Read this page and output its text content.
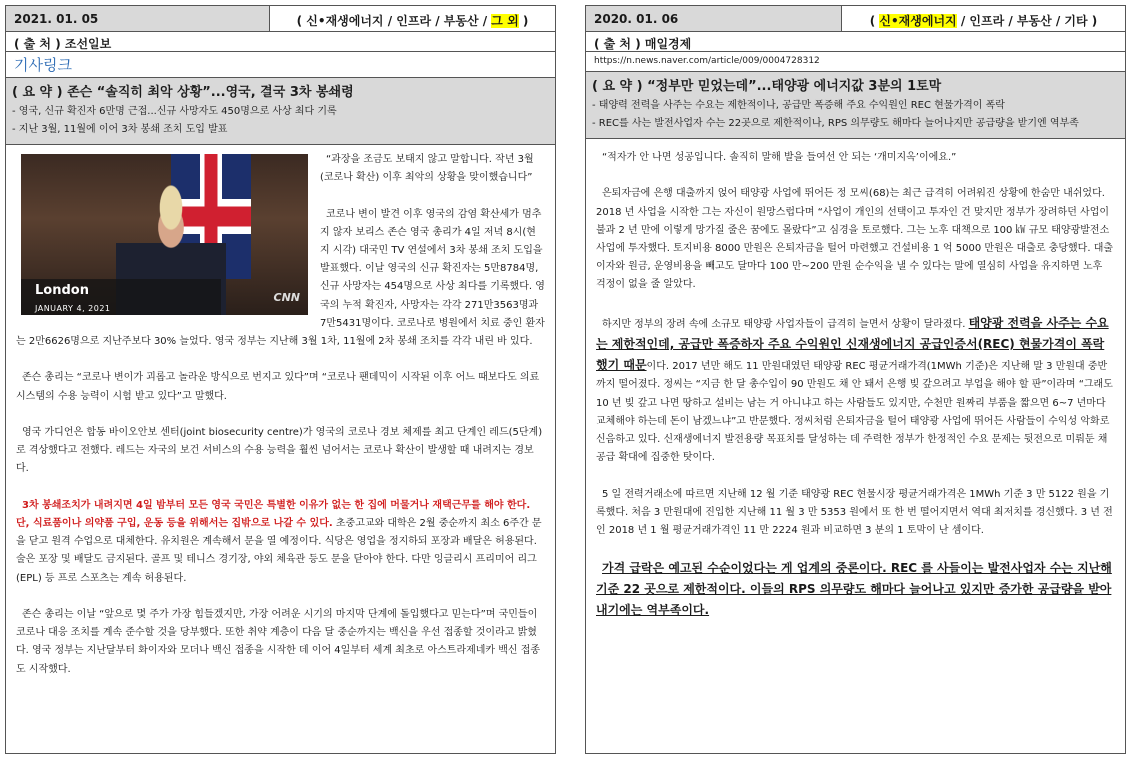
2021. 01. 05	( 신•재생에너지 / 인프라 / 부동산 / 그 외 )
( 출 처 ) 조선일보
기사링크
( 요 약 ) 존슨 “솔직히 최악 상황”...영국, 결국 3차 봉쇄령
- 영국, 신규 확진자 6만명 근접...신규 사망자도 450명으로 사상 최다 기록
- 지난 3월, 11월에 이어 3차 봉쇄 조치 도입 발표
London
JANUARY 4, 2021
CNN

“과장을 조금도 보태지 않고 말합니다. 작년 3월(코로나 확산) 이후 최악의 상황을 맞이했습니다”

코로나 변이 발견 이후 영국의 감염 확산세가 멈추지 않자 보리스 존슨 영국 총리가 4일 저녁 8시(현지 시각) 대국민 TV 연설에서 3차 봉쇄 조치 도입을 발표했다. 이날 영국의 신규 확진자는 5만8784명, 신규 사망자는 454명으로 사상 최다를 기록했다. 영국의 누적 확진자, 사망자는 각각 271만3563명과 7만5431명이다. 코로나로 병원에서 치료 중인 환자는 2만6626명으로 지난주보다 30% 늘었다. 영국 정부는 지난해 3월 1차, 11월에 2차 봉쇄 조치를 각각 내린 바 있다.

존슨 총리는 “코로나 변이가 괴롭고 놀라운 방식으로 번지고 있다”며 “코로나 팬데믹이 시작된 이후 어느 때보다도 의료 시스템의 수용 능력이 시험 받고 있다”고 말했다.

영국 가디언은 합동 바이오안보 센터(joint biosecurity centre)가 영국의 코로나 경보 체제를 최고 단계인 레드(5단계)로 격상했다고 전했다. 레드는 자국의 보건 서비스의 수용 능력을 훨씬 넘어서는 코로나 확산이 발생할 때 내려지는 경보다.

3차 봉쇄조치가 내려지면 4일 밤부터 모든 영국 국민은 특별한 이유가 없는 한 집에 머물거나 재택근무를 해야 한다. 단, 식료품이나 의약품 구입, 운동 등을 위해서는 집밖으로 나갈 수 있다. 초중고교와 대학은 2월 중순까지 최소 6주간 문을 닫고 원격 수업으로 대체한다. 유치원은 계속해서 문을 열 예정이다. 식당은 영업을 정지하되 포장과 배달은 허용된다. 술은 포장 및 배달도 금지된다. 골프 및 테니스 경기장, 야외 체육관 등도 문을 닫아야 한다. 다만 잉글리시 프리미어 리그(EPL) 등 프로 스포츠는 계속 허용된다.

존슨 총리는 이날 “앞으로 몇 주가 가장 힘들겠지만, 가장 어려운 시기의 마지막 단계에 돌입했다고 믿는다”며 국민들이 코로나 대응 조치를 계속 준수할 것을 당부했다. 또한 취약 계층이 다음 달 중순까지는 백신을 우선 접종할 것이라고 밝혔다. 영국 정부는 지난달부터 화이자와 모더나 백신 접종을 시작한 데 이어 4일부터 세계 최초로 아스트라제네카 백신 접종도 시작했다.

2020. 01. 06	( 신•재생에너지 / 인프라 / 부동산 / 기타 )
( 출 처 ) 매일경제
https://n.news.naver.com/article/009/0004728312
( 요 약 ) “정부만 믿었는데”...태양광 에너지값 3분의 1토막
- 태양력 전력을 사주는 수요는 제한적이나, 공급만 폭증해 주요 수익원인 REC 현물가격이 폭락
- REC를 사는 발전사업자 수는 22곳으로 제한적이나, RPS 의무량도 해마다 늘어나지만 공급량을 받기엔 역부족

“적자가 안 나면 성공입니다. 솔직히 말해 발을 들여선 안 되는 ‘개미지옥’이에요.”

은퇴자금에 은행 대출까지 얹어 태양광 사업에 뛰어든 정 모씨(68)는 최근 급격히 어려워진 상황에 한숨만 내쉬었다. 2018 년 사업을 시작한 그는 자신이 원망스럽다며 “사업이 개인의 선택이고 투자인 건 맞지만 정부가 장려하던 사업이 불과 2 년 만에 이렇게 망가질 줄은 꿈에도 몰랐다”고 심경을 토로했다. 그는 노후 대책으로 100 ㎾ 규모 태양광발전소 사업에 투자했다. 토지비용 8000 만원은 은퇴자금을 털어 마련했고 건설비용 1 억 5000 만원은 대출로 충당했다. 대출 이자와 원금, 운영비용을 빼고도 달마다 100 만~200 만원 순수익을 낼 수 있다는 말에 열심히 사업을 유지하면 노후 걱정이 없을 줄 알았다.

하지만 정부의 장려 속에 소규모 태양광 사업자들이 급격히 늘면서 상황이 달라졌다. 태양광 전력을 사주는 수요는 제한적인데, 공급만 폭증하자 주요 수익원인 신재생에너지 공급인증서(REC) 현물가격이 폭락했기 때문이다. 2017 년만 해도 11 만원대였던 태양광 REC 평균거래가격(1MWh 기준)은 지난해 말 3 만원대 중반까지 떨어졌다. 정씨는 “지금 한 달 총수입이 90 만원도 채 안 돼서 은행 빚 갚으려고 부업을 해야 할 판”이라며 “그래도 10 년 빚 갚고 나면 땅하고 설비는 남는 거 아니냐고 하는 사람들도 있지만, 수천만 원짜리 부품을 짧으면 6~7 년마다 교체해야 하는데 돈이 남겠느냐”고 반문했다. 정씨처럼 은퇴자금을 털어 태양광 사업에 뛰어든 사람들이 수익성 악화로 신음하고 있다. 신재생에너지 발전용량 목표치를 달성하는 데 주력한 정부가 한정적인 수요 문제는 뒷전으로 미뤄둔 채 공급 확대에 집중한 탓이다.

5 일 전력거래소에 따르면 지난해 12 월 기준 태양광 REC 현물시장 평균거래가격은 1MWh 기준 3 만 5122 원을 기록했다. 처음 3 만원대에 진입한 지난해 11 월 3 만 5353 원에서 또 한 번 떨어지면서 역대 최저치를 경신했다. 3 년 전인 2018 년 1 월 평균거래가격인 11 만 2224 원과 비교하면 3 분의 1 토막이 난 셈이다.

가격 급락은 예고된 수순이었다는 게 업계의 중론이다. REC 를 사들이는 발전사업자 수는 지난해 기준 22 곳으로 제한적이다. 이들의 RPS 의무량도 해마다 늘어나고 있지만 증가한 공급량을 받아내기에는 역부족이다.
